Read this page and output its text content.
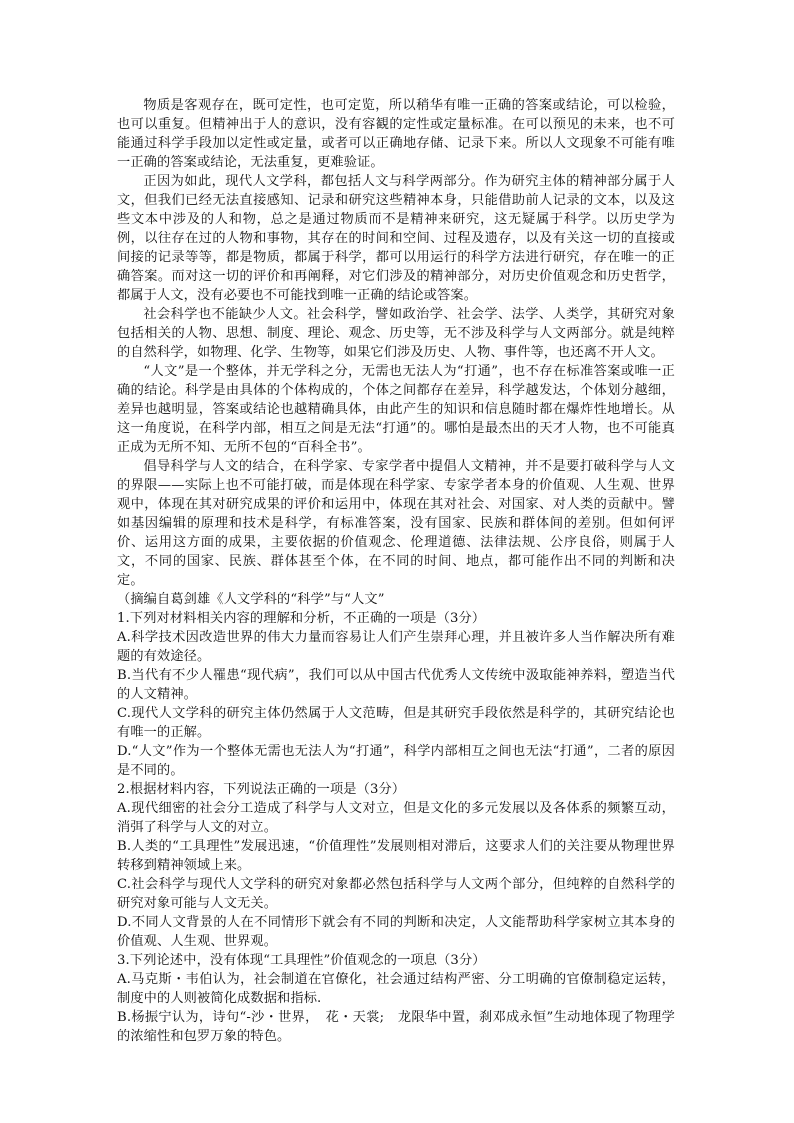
物质是客观存在，既可定性，也可定览，所以稍华有唯一正确的答案或结论，可以检验，也可以重复。但精神出于人的意识，没有容観的定性或定量标准。在可以预见的未来，也不可能通过科学手段加以定性或定量，或者可以正确地存储、记录下来。所以人文现象不可能有唯一正确的答案或结论，无法重复，更难验证。

正因为如此，现代人文学科，都包括人文与科学两部分。作为研究主体的精神部分属于人文，但我们已经无法直接感知、记录和研究这些精神本身，只能借助前人记录的文本，以及这些文本中涉及的人和物，总之是通过物质而不是精神来研究，这无疑属于科学。以历史学为例，以往存在过的人物和事物，其存在的时间和空间、过程及遗存，以及有关这一切的直接或间接的记录等等，都是物质，都属于科学，都可以用运行的科学方法进行研究，存在唯一的正确答案。而对这一切的评价和再阐释，对它们涉及的精神部分，对历史价值观念和历史哲学，都属于人文，没有必要也不可能找到唯一正确的结论或答案。

社会科学也不能缺少人文。社会科学，譬如政治学、社会学、法学、人类学，其研究对象包括相关的人物、思想、制度、理论、观念、历史等，无不涉及科学与人文两部分。就是纯粹的自然科学，如物理、化学、生物等，如果它们涉及历史、人物、事件等，也还离不开人文。

“人文”是一个整体，并无学科之分，无需也无法人为“打通”，也不存在标准答案或唯一正确的结论。科学是由具体的个体构成的，个体之间都存在差异，科学越发达，个体划分越细，差异也越明显，答案或结论也越精确具体，由此产生的知识和信息随时都在爆炸性地增长。从这一角度说，在科学内部，相互之间是无法“打通”的。哪怕是最杰出的天才人物，也不可能真正成为无所不知、无所不包的“百科全书”。

倡导科学与人文的结合，在科学家、专家学者中提倡人文精神，并不是要打破科学与人文的界限——实际上也不可能打破，而是体现在科学家、专家学者本身的价值观、人生观、世界观中，体现在其对研究成果的评价和运用中，体现在其对社会、对国家、对人类的贡献中。譬如基因编辑的原理和技术是科学，有标准答案，没有国家、民族和群体间的差别。但如何评价、运用这方面的成果，主要依据的价值观念、伦理道德、法律法规、公序良俗，则属于人文，不同的国家、民族、群体甚至个体，在不同的时间、地点，都可能作出不同的判断和决定。

（摘编自葛剑雄《人文学科的“科学”与“人文”

1.下列对材料相关内容的理解和分析，不正确的一项是（3分）

A.科学技术因改造世界的伟大力量而容易让人们产生崇拜心理，并且被许多人当作解决所有难题的有效途径。

B.当代有不少人罹患“现代病”，我们可以从中国古代优秀人文传统中汲取能神养料，塑造当代的人文精神。

C.现代人文学科的研究主体仍然属于人文范畴，但是其研究手段依然是科学的，其研究结论也有唯一的正解。

D.“人文”作为一个整体无需也无法人为“打通”，科学内部相互之间也无法“打通”，二者的原因是不同的。

2.根据材料内容，下列说法正确的一项是（3分）

A.现代细密的社会分工造成了科学与人文对立，但是文化的多元发展以及各体系的频繁互动，消弭了科学与人文的对立。

B.人类的“工具理性”发展迅速，“价值理性”发展则相对滞后，这要求人们的关注要从物理世界转移到精神领域上来。

C.社会科学与现代人文学科的研究对象都必然包括科学与人文两个部分，但纯粹的自然科学的研究对象可能与人文无关。

D.不同人文背景的人在不同情形下就会有不同的判断和决定，人文能帮助科学家树立其本身的价值观、人生观、世界观。

3.下列论述中，没有体现“工具理性”价值观念的一项息（3分）

A.马克斯・韦伯认为，社会制道在官僚化，社会通过结构严密、分工明确的官僚制稳定运转，制度中的人则被简化成数据和指标.

B.杨振宁认为，诗句“-沙・世界，　花・天裳;　龙限华中置，刹邓成永恒”生动地体现了物理学的浓缩性和包罗万象的特色。
